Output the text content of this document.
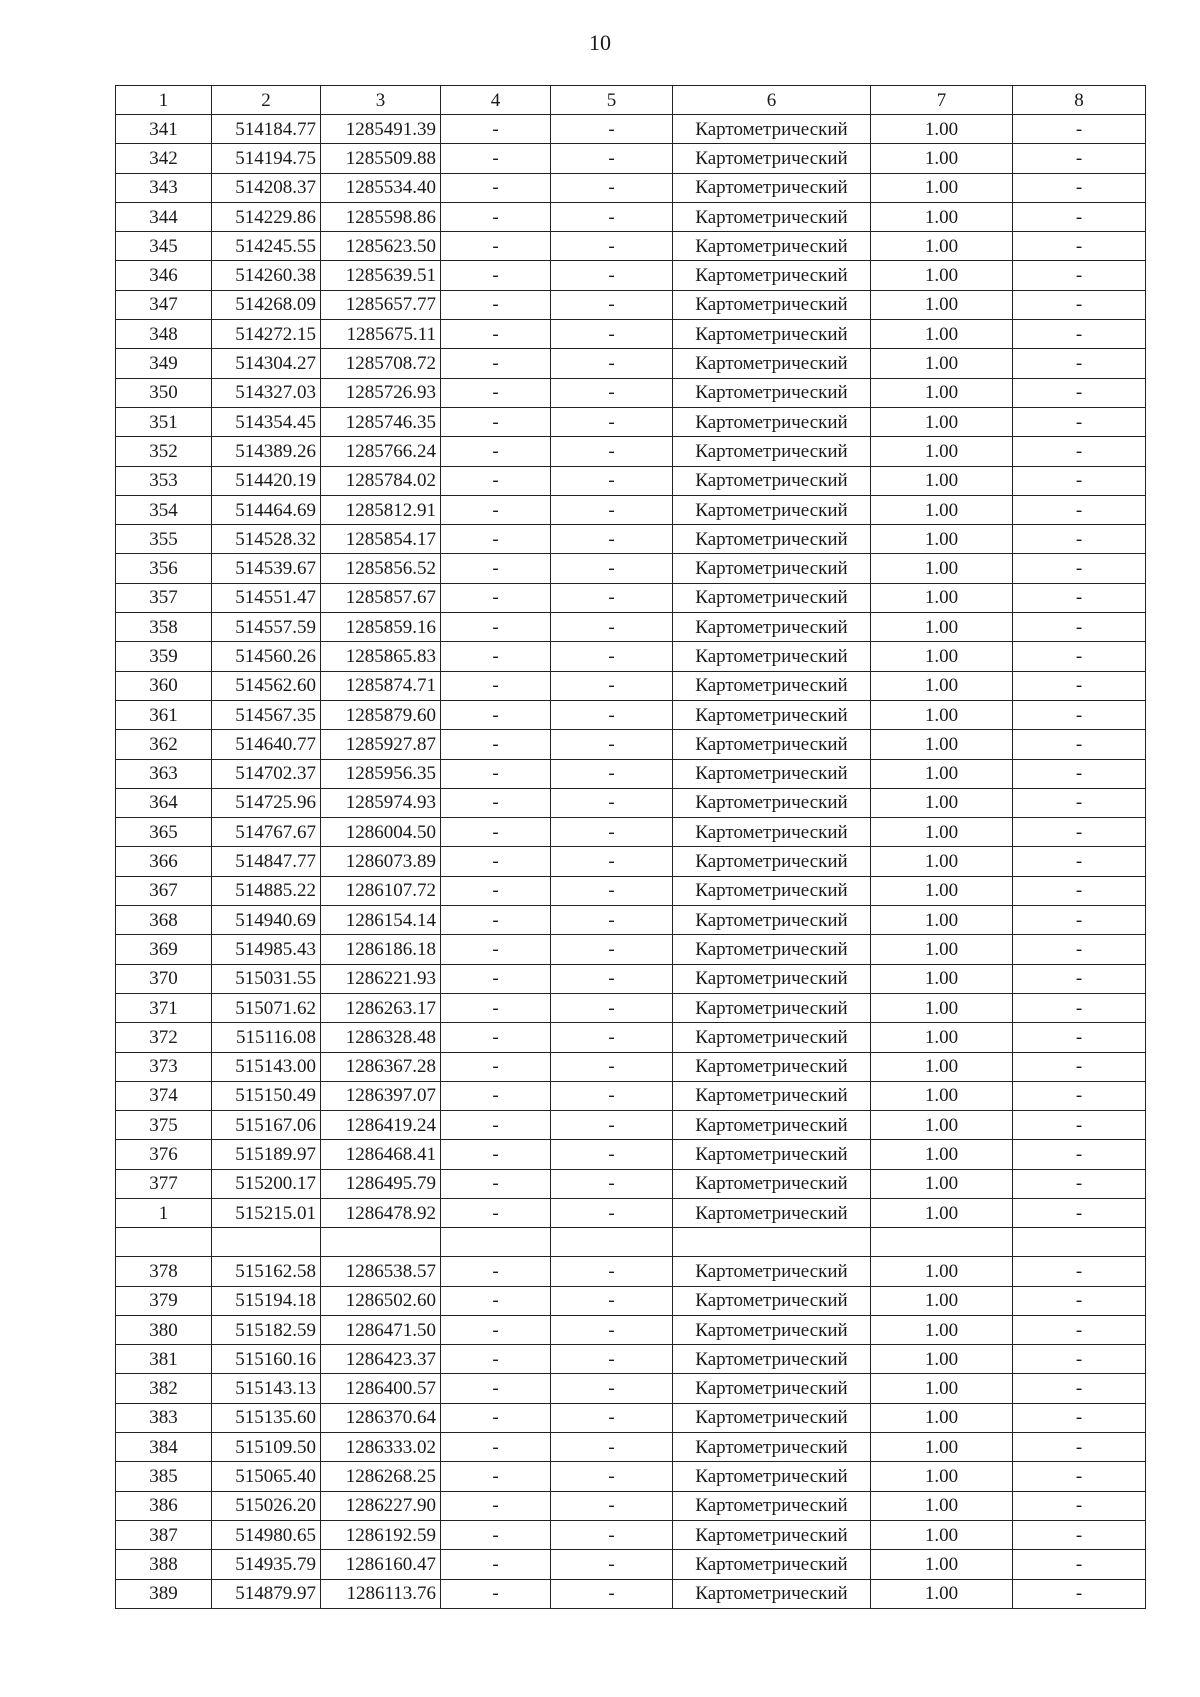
10
1	2	3	4	5	6	7	8
341	514184.77	1285491.39	-	-	Картометрический	1.00	-
342	514194.75	1285509.88	-	-	Картометрический	1.00	-
343	514208.37	1285534.40	-	-	Картометрический	1.00	-
344	514229.86	1285598.86	-	-	Картометрический	1.00	-
345	514245.55	1285623.50	-	-	Картометрический	1.00	-
346	514260.38	1285639.51	-	-	Картометрический	1.00	-
347	514268.09	1285657.77	-	-	Картометрический	1.00	-
348	514272.15	1285675.11	-	-	Картометрический	1.00	-
349	514304.27	1285708.72	-	-	Картометрический	1.00	-
350	514327.03	1285726.93	-	-	Картометрический	1.00	-
351	514354.45	1285746.35	-	-	Картометрический	1.00	-
352	514389.26	1285766.24	-	-	Картометрический	1.00	-
353	514420.19	1285784.02	-	-	Картометрический	1.00	-
354	514464.69	1285812.91	-	-	Картометрический	1.00	-
355	514528.32	1285854.17	-	-	Картометрический	1.00	-
356	514539.67	1285856.52	-	-	Картометрический	1.00	-
357	514551.47	1285857.67	-	-	Картометрический	1.00	-
358	514557.59	1285859.16	-	-	Картометрический	1.00	-
359	514560.26	1285865.83	-	-	Картометрический	1.00	-
360	514562.60	1285874.71	-	-	Картометрический	1.00	-
361	514567.35	1285879.60	-	-	Картометрический	1.00	-
362	514640.77	1285927.87	-	-	Картометрический	1.00	-
363	514702.37	1285956.35	-	-	Картометрический	1.00	-
364	514725.96	1285974.93	-	-	Картометрический	1.00	-
365	514767.67	1286004.50	-	-	Картометрический	1.00	-
366	514847.77	1286073.89	-	-	Картометрический	1.00	-
367	514885.22	1286107.72	-	-	Картометрический	1.00	-
368	514940.69	1286154.14	-	-	Картометрический	1.00	-
369	514985.43	1286186.18	-	-	Картометрический	1.00	-
370	515031.55	1286221.93	-	-	Картометрический	1.00	-
371	515071.62	1286263.17	-	-	Картометрический	1.00	-
372	515116.08	1286328.48	-	-	Картометрический	1.00	-
373	515143.00	1286367.28	-	-	Картометрический	1.00	-
374	515150.49	1286397.07	-	-	Картометрический	1.00	-
375	515167.06	1286419.24	-	-	Картометрический	1.00	-
376	515189.97	1286468.41	-	-	Картометрический	1.00	-
377	515200.17	1286495.79	-	-	Картометрический	1.00	-
1	515215.01	1286478.92	-	-	Картометрический	1.00	-

378	515162.58	1286538.57	-	-	Картометрический	1.00	-
379	515194.18	1286502.60	-	-	Картометрический	1.00	-
380	515182.59	1286471.50	-	-	Картометрический	1.00	-
381	515160.16	1286423.37	-	-	Картометрический	1.00	-
382	515143.13	1286400.57	-	-	Картометрический	1.00	-
383	515135.60	1286370.64	-	-	Картометрический	1.00	-
384	515109.50	1286333.02	-	-	Картометрический	1.00	-
385	515065.40	1286268.25	-	-	Картометрический	1.00	-
386	515026.20	1286227.90	-	-	Картометрический	1.00	-
387	514980.65	1286192.59	-	-	Картометрический	1.00	-
388	514935.79	1286160.47	-	-	Картометрический	1.00	-
389	514879.97	1286113.76	-	-	Картометрический	1.00	-
